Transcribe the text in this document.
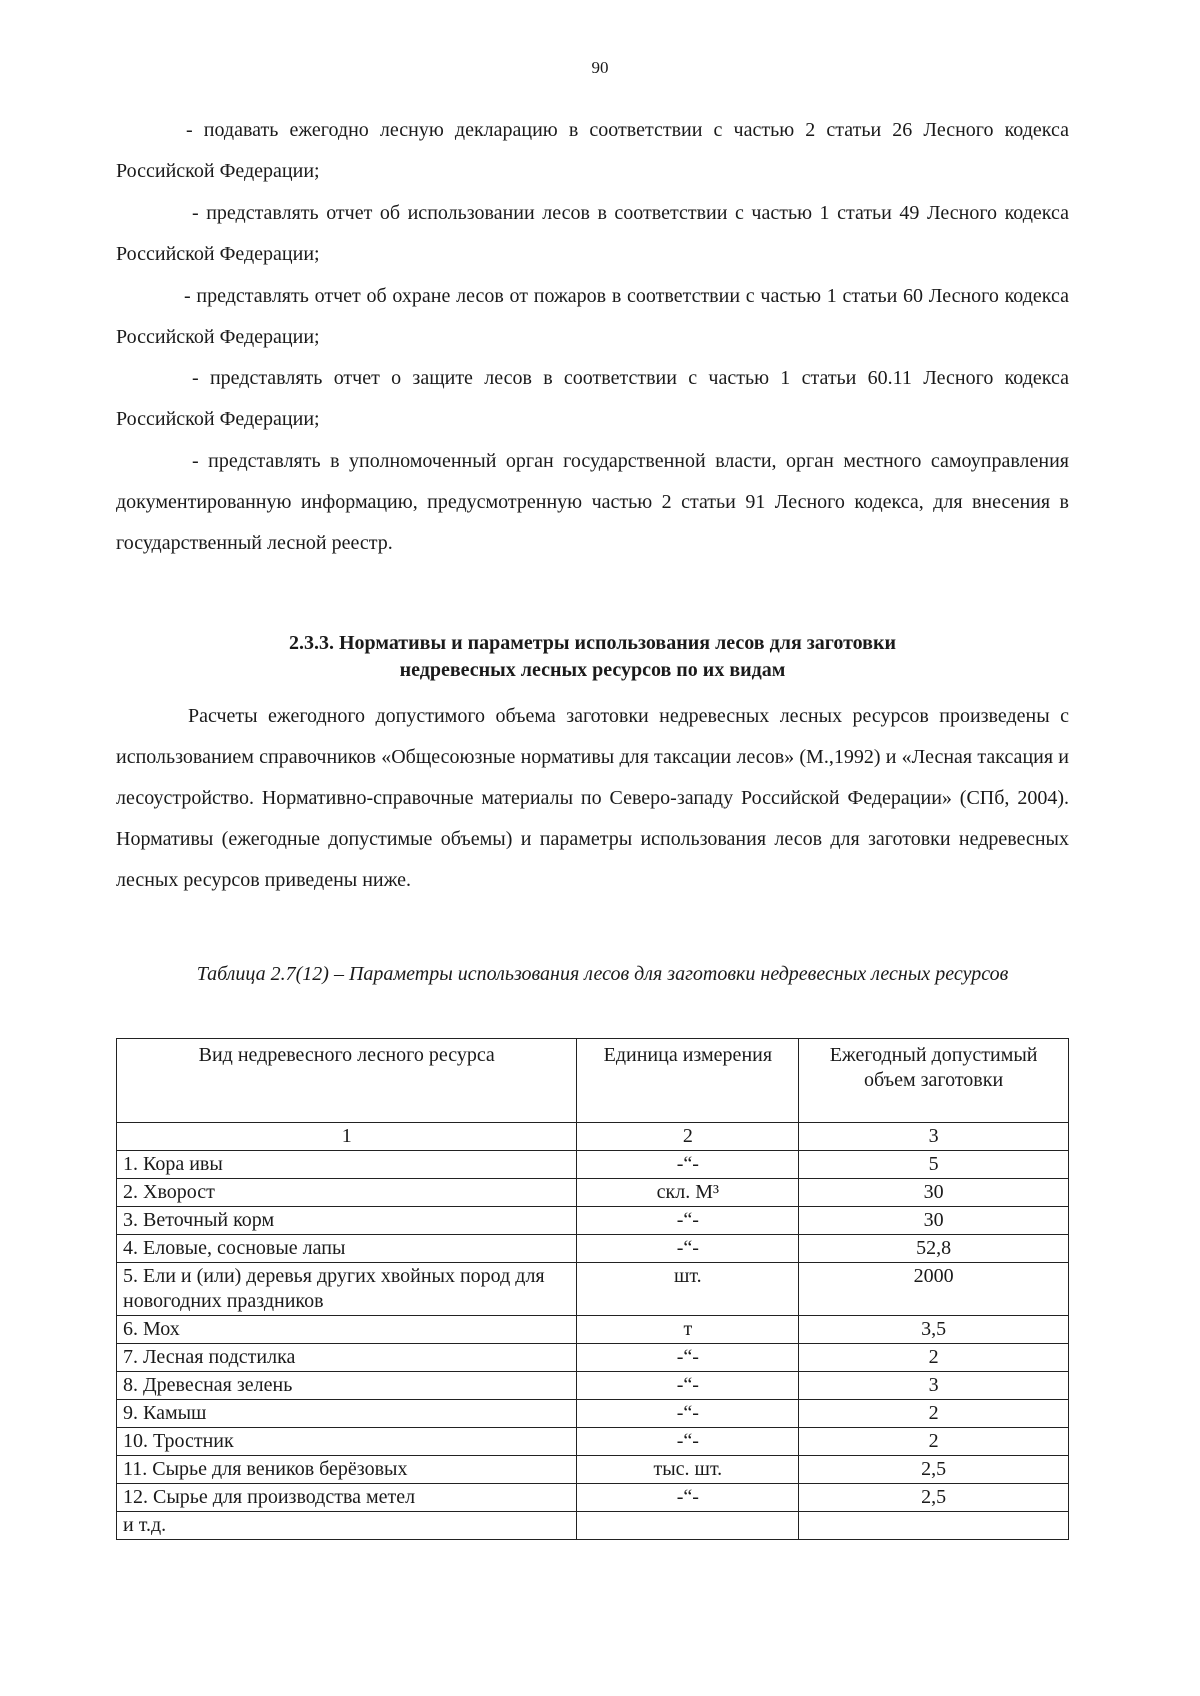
90

- подавать ежегодно лесную декларацию в соответствии с частью 2 статьи 26 Лесного кодекса Российской Федерации;

- представлять отчет об использовании лесов в соответствии с частью 1 статьи 49 Лесного кодекса Российской Федерации;

- представлять отчет об охране лесов от пожаров в соответствии с частью 1 статьи 60 Лесного кодекса Российской Федерации;

- представлять отчет о защите лесов в соответствии с частью 1 статьи 60.11 Лесного кодекса Российской Федерации;

- представлять в уполномоченный орган государственной власти, орган местного самоуправления документированную информацию, предусмотренную частью 2 статьи 91 Лесного кодекса, для внесения в государственный лесной реестр.

2.3.3. Нормативы и параметры использования лесов для заготовки
недревесных лесных ресурсов по их видам

Расчеты ежегодного допустимого объема заготовки недревесных лесных ресурсов произведены с использованием справочников «Общесоюзные нормативы для таксации лесов» (М.,1992) и «Лесная таксация и лесоустройство. Нормативно-справочные материалы по Северо-западу Российской Федерации» (СПб, 2004). Нормативы (ежегодные допустимые объемы) и параметры использования лесов для заготовки недревесных лесных ресурсов приведены ниже.

Таблица 2.7(12) – Параметры использования лесов для заготовки недревесных лесных ресурсов

Вид недревесного лесного ресурса	Единица измерения	Ежегодный допустимый объем заготовки
1	2	3
1. Кора ивы	-“-	5
2. Хворост	скл. М³	30
3. Веточный корм	-“-	30
4. Еловые, сосновые лапы	-“-	52,8
5. Ели и (или) деревья других хвойных пород для новогодних праздников	шт.	2000
6. Мох	т	3,5
7. Лесная подстилка	-“-	2
8. Древесная зелень	-“-	3
9. Камыш	-“-	2
10. Тростник	-“-	2
11. Сырье для веников берёзовых	тыс. шт.	2,5
12. Сырье для производства метел	-“-	2,5
и т.д.		
